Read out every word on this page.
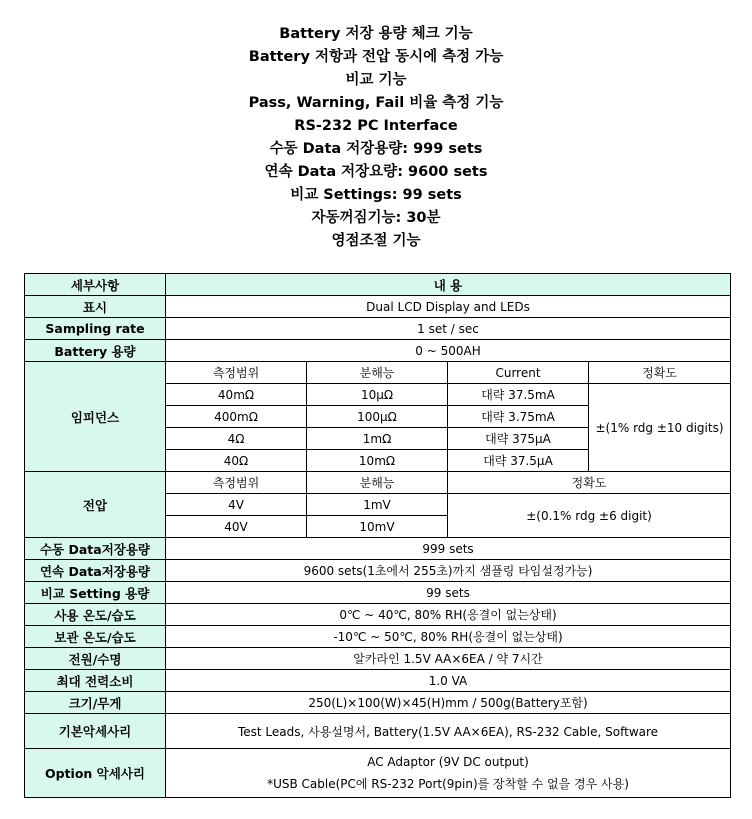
Battery 저장 용량 체크 기능
Battery 저항과 전압 동시에 측정 가능
비교 기능
Pass, Warning, Fail 비율 측정 기능
RS-232 PC Interface
수동 Data 저장용량: 999 sets
연속 Data 저장요량: 9600 sets
비교 Settings: 99 sets
자동꺼짐기능: 30분
영점조절 기능
세부사항	내 용			
표시	Dual LCD Display and LEDs			
Sampling rate	1 set / sec			
Battery 용량	0 ~ 500AH			
임피던스	측정범위	분해능	Current	정확도
	40mΩ	10μΩ	대략 37.5mA	±(1% rdg ±10 digits)
	400mΩ	100μΩ	대략 3.75mA	
	4Ω	1mΩ	대략 375μA	
	40Ω	10mΩ	대략 37.5μA	
전압	측정범위	분해능	정확도	
	4V	1mV	±(0.1% rdg ±6 digit)	
	40V	10mV		
수동 Data저장용량	999 sets			
연속 Data저장용량	9600 sets(1초에서 255초)까지 샘플링 타임설정가능)			
비교 Setting 용량	99 sets			
사용 온도/습도	0℃ ~ 40℃, 80% RH(응결이 없는상태)			
보관 온도/습도	-10℃ ~ 50℃, 80% RH(응결이 없는상태)			
전원/수명	알카라인 1.5V AA×6EA / 약 7시간			
최대 전력소비	1.0 VA			
크기/무게	250(L)×100(W)×45(H)mm / 500g(Battery포함)			
기본악세사리	Test Leads, 사용설명서, Battery(1.5V AA×6EA), RS-232 Cable, Software			
Option 악세사리	AC Adaptor (9V DC output)
*USB Cable(PC에 RS-232 Port(9pin)를 장착할 수 없을 경우 사용)			
